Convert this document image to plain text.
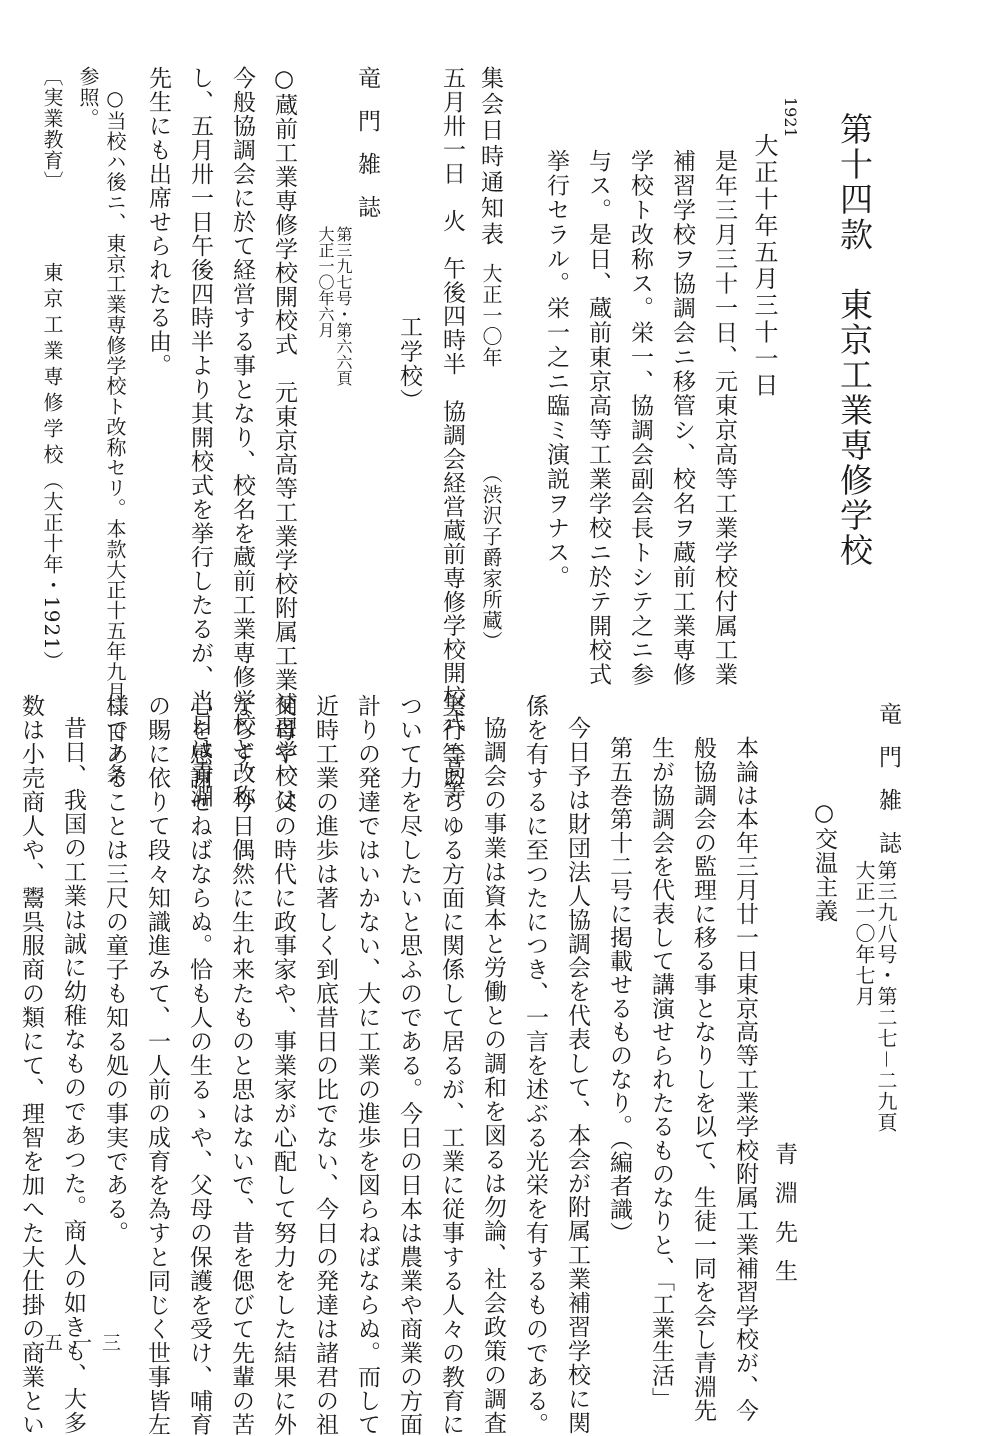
第十四款　東京工業専修学校
1921
大正十年五月三十一日
是年三月三十一日、元東京高等工業学校付属工業
補習学校ヲ協調会ニ移管シ、校名ヲ蔵前工業専修
学校ト改称ス。栄一、協調会副会長トシテ之ニ参
与ス。是日、蔵前東京高等工業学校ニ於テ開校式
挙行セラル。栄一之ニ臨ミ演説ヲナス。
集会日時通知表
大正一〇年
（渋沢子爵家所蔵）
五月卅一日　火　午後四時半　協調会経営蔵前専修学校開校式（高等
工学校）
竜門雑誌
第三九七号・第六六頁
大正一〇年六月
○蔵前工業専修学校開校式　元東京高等工業学校附属工業補習学校は
今般協調会に於て経営する事となり、校名を蔵前工業専修学校と改称
し、五月卅一日午後四時半より其開校式を挙行したるが、当日は青淵
先生にも出席せられたる由。
○当校ハ後ニ、東京工業専修学校ト改称セリ。本款大正十五年九月一日ノ条
参照。
〔実業教育〕
東京工業専修学校
（大正十年・1921）
竜門雑誌
第三九八号・第二七－二九頁
大正一〇年七月
○交温主義
青淵先生
本論は本年三月廿一日東京高等工業学校附属工業補習学校が、今
般協調会の監理に移る事となりしを以て、生徒一同を会し青淵先
生が協調会を代表して講演せられたるものなりと、「工業生活」
第五巻第十二号に掲載せるものなり。（編者識）
今日予は財団法人協調会を代表して、本会が附属工業補習学校に関
係を有するに至つたにつき、一言を述ぶる光栄を有するものである。
協調会の事業は資本と労働との調和を図るは勿論、社会政策の調査
実行等あらゆる方面に関係して居るが、工業に従事する人々の教育に
ついて力を尽したいと思ふのである。今日の日本は農業や商業の方面
計りの発達ではいかない、大に工業の進歩を図らねばならぬ。而して
近時工業の進歩は著しく到底昔日の比でない、今日の発達は諸君の祖
父母や、父の時代に政事家や、事業家が心配して努力をした結果に外
ならず、今日偶然に生れ来たものと思はないで、昔を偲びて先輩の苦
心を感謝せねばならぬ。恰も人の生るゝや、父母の保護を受け、哺育
の賜に依りて段々知識進みて、一人前の成育を為すと同じく世事皆左
様であることは三尺の童子も知る処の事実である。
昔日、我国の工業は誠に幼稚なものであつた。商人の如きも、大多
数は小売商人や、鬻呉服商の類にて、理智を加へた大仕掛の商業とい 五一三
